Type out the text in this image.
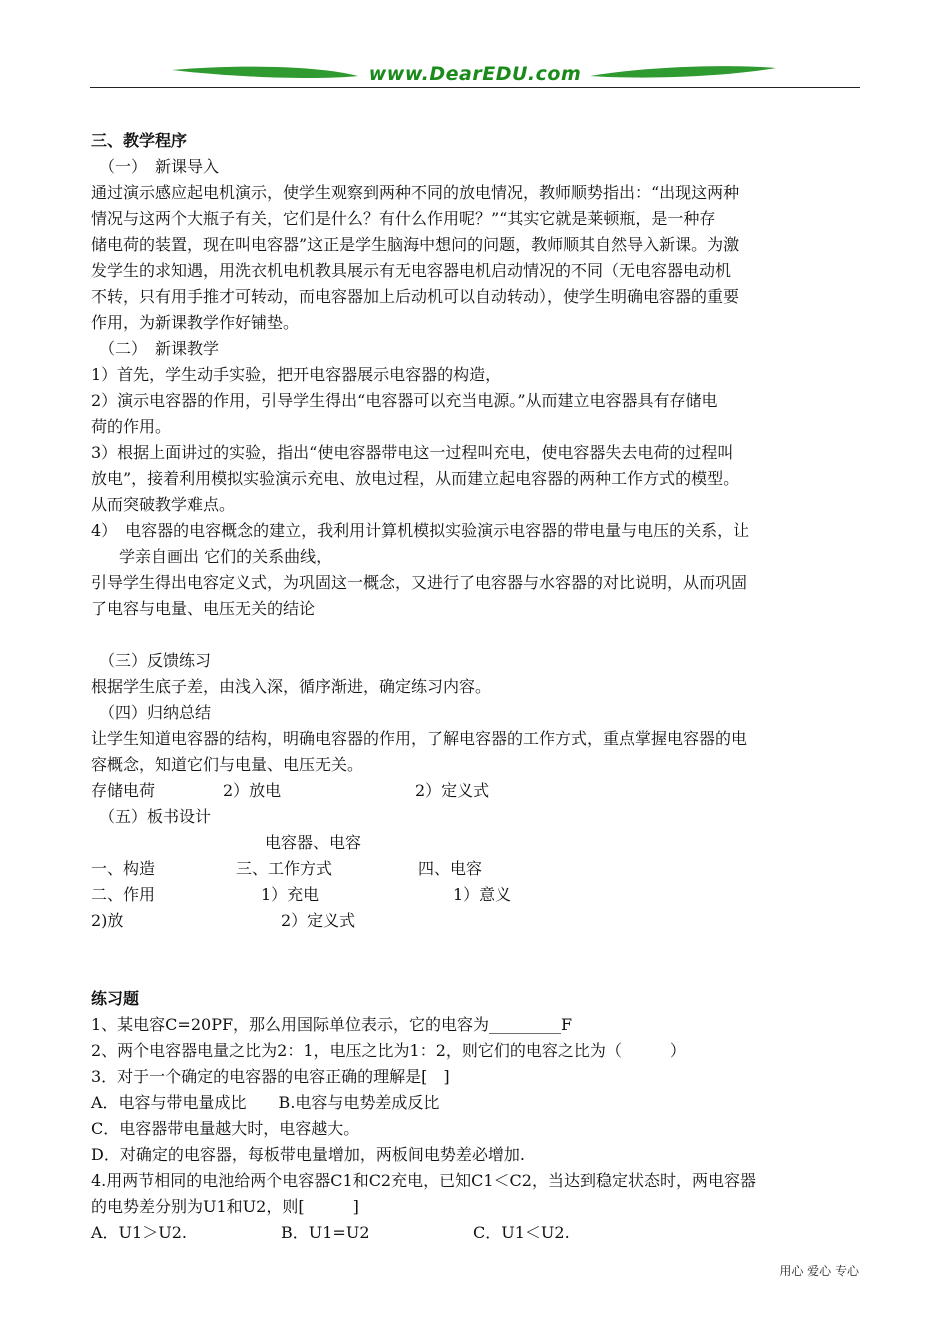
www.DearEDU.com
三、教学程序
（一）　新课导入
通过演示感应起电机演示，使学生观察到两种不同的放电情况，教师顺势指出：“出现这两种
情况与这两个大瓶子有关，它们是什么？有什么作用呢？”“其实它就是莱顿瓶，是一种存
储电荷的装置，现在叫电容器”这正是学生脑海中想问的问题，教师顺其自然导入新课。为激
发学生的求知遇，用洗衣机电机教具展示有无电容器电机启动情况的不同（无电容器电动机
不转，只有用手推才可转动，而电容器加上后动机可以自动转动），使学生明确电容器的重要
作用，为新课教学作好铺垫。
（二）　新课教学
1）首先，学生动手实验，把开电容器展示电容器的构造，
2）演示电容器的作用，引导学生得出“电容器可以充当电源。”从而建立电容器具有存储电
荷的作用。
3）根据上面讲过的实验，指出“使电容器带电这一过程叫充电，使电容器失去电荷的过程叫
放电”，接着利用模拟实验演示充电、放电过程，从而建立起电容器的两种工作方式的模型。
从而突破教学难点。
4）　电容器的电容概念的建立，我利用计算机模拟实验演示电容器的带电量与电压的关系，让
学亲自画出 它们的关系曲线，
引导学生得出电容定义式，为巩固这一概念，又进行了电容器与水容器的对比说明，从而巩固
了电容与电量、电压无关的结论
（三）反馈练习
根据学生底子差，由浅入深，循序渐进，确定练习内容。
（四）归纳总结
让学生知道电容器的结构，明确电容器的作用，了解电容器的工作方式，重点掌握电容器的电
容概念，知道它们与电量、电压无关。
存储电荷	2）放电	2）定义式
（五）板书设计
电容器、电容
一、构造	三、工作方式	四、电容
二、作用	1）充电	1）意义
2)放	2）定义式
练习题
1、某电容C=20PF，那么用国际单位表示，它的电容为_________F
2、两个电容器电量之比为2：1，电压之比为1：2，则它们的电容之比为（　　　）
3．对于一个确定的电容器的电容正确的理解是[　]
A．电容与带电量成比　　B.电容与电势差成反比
C．电容器带电量越大时，电容越大。
D．对确定的电容器，每板带电量增加，两板间电势差必增加.
4.用两节相同的电池给两个电容器C1和C2充电，已知C1＜C2，当达到稳定状态时，两电容器
的电势差分别为U1和U2，则[　　　]
A．U1＞U2.	B．U1=U2	C．U1＜U2.
用心 爱心 专心
